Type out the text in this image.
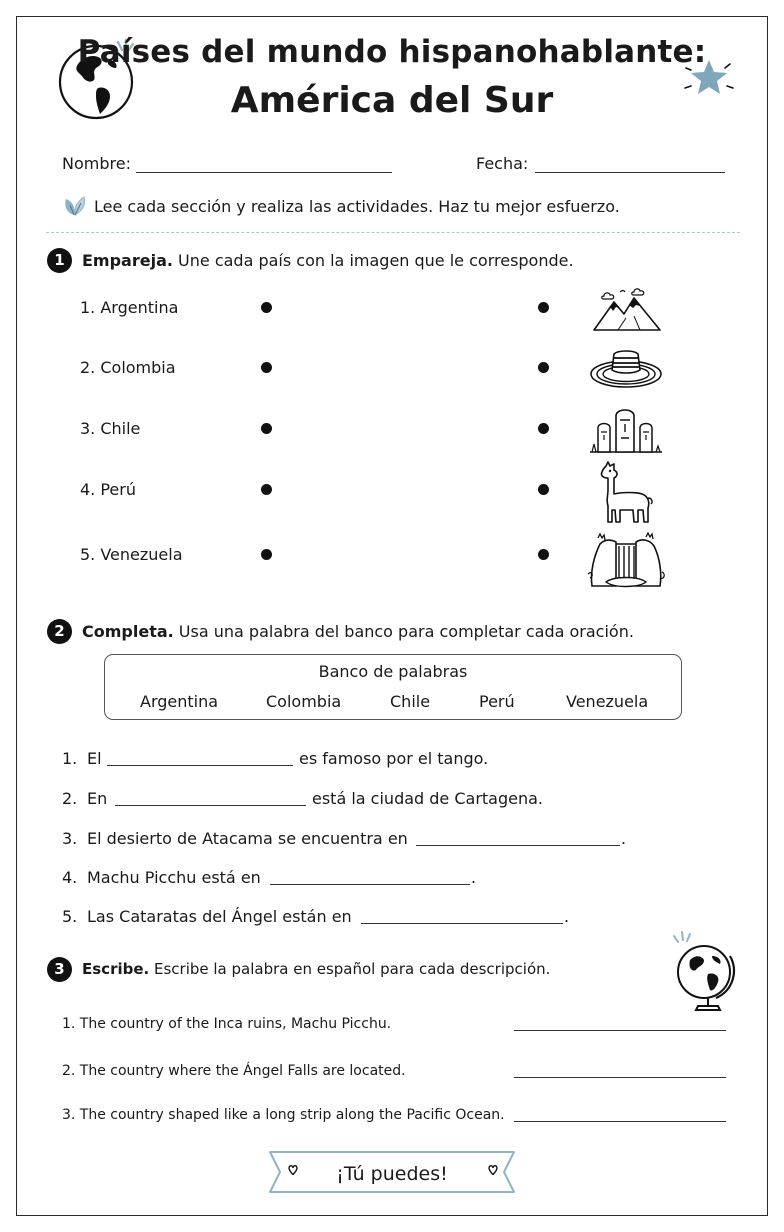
Países del mundo hispanohablante:
América del Sur
Nombre:	Fecha:
Lee cada sección y realiza las actividades. Haz tu mejor esfuerzo.
1	Empareja. Une cada país con la imagen que le corresponde.
1. Argentina
2. Colombia
3. Chile
4. Perú
5. Venezuela
2	Completa. Usa una palabra del banco para completar cada oración.
Banco de palabras
Argentina	Colombia	Chile	Perú	Venezuela
1. El	es famoso por el tango.
2. En	está la ciudad de Cartagena.
3. El desierto de Atacama se encuentra en	.
4. Machu Picchu está en	.
5. Las Cataratas del Ángel están en	.
3	Escribe. Escribe la palabra en español para cada descripción.
1. The country of the Inca ruins, Machu Picchu.
2. The country where the Ángel Falls are located.
3. The country shaped like a long strip along the Pacific Ocean.
¡Tú puedes!
